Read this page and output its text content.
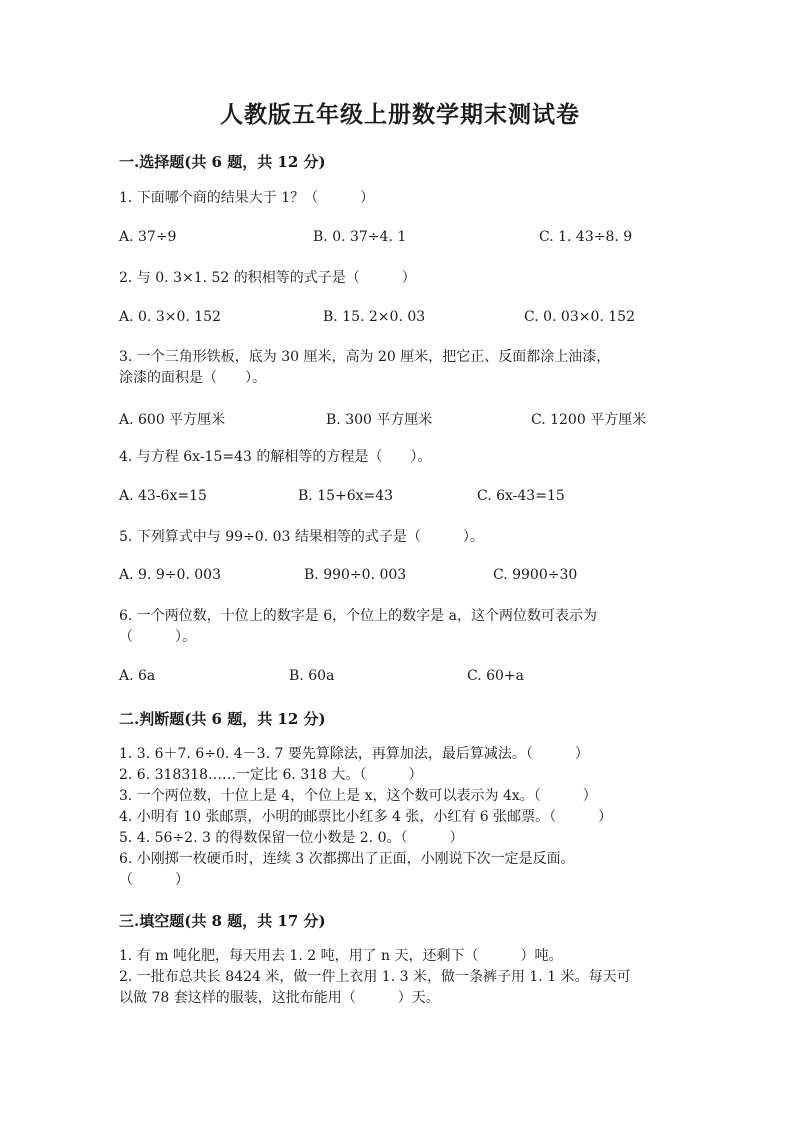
人教版五年级上册数学期末测试卷
一.选择题(共 6 题，共 12 分)
1. 下面哪个商的结果大于 1？（　　　）
A. 37÷9	B. 0. 37÷4. 1	C. 1. 43÷8. 9
2. 与 0. 3×1. 52 的积相等的式子是（　　　）
A. 0. 3×0. 152	B. 15. 2×0. 03	C. 0. 03×0. 152
3. 一个三角形铁板，底为 30 厘米，高为 20 厘米，把它正、反面都涂上油漆，
涂漆的面积是（　　）。
A. 600 平方厘米	B. 300 平方厘米	C. 1200 平方厘米
4. 与方程 6x-15=43 的解相等的方程是（　　）。
A. 43-6x=15	B. 15+6x=43	C. 6x-43=15
5. 下列算式中与 99÷0. 03 结果相等的式子是（　　　）。
A. 9. 9÷0. 003	B. 990÷0. 003	C. 9900÷30
6. 一个两位数，十位上的数字是 6，个位上的数字是 a，这个两位数可表示为
（　　　）。
A. 6a	B. 60a	C. 60+a
二.判断题(共 6 题，共 12 分)
1. 3. 6＋7. 6÷0. 4－3. 7 要先算除法，再算加法，最后算减法。（　　　）
2. 6. 318318……一定比 6. 318 大。（　　　）
3. 一个两位数，十位上是 4，个位上是 x，这个数可以表示为 4x。（　　　）
4. 小明有 10 张邮票，小明的邮票比小红多 4 张，小红有 6 张邮票。（　　　）
5. 4. 56÷2. 3 的得数保留一位小数是 2. 0。（　　　）
6. 小刚掷一枚硬币时，连续 3 次都掷出了正面，小刚说下次一定是反面。
（　　　）
三.填空题(共 8 题，共 17 分)
1. 有 m 吨化肥，每天用去 1. 2 吨，用了 n 天，还剩下（　　　）吨。
2. 一批布总共长 8424 米，做一件上衣用 1. 3 米，做一条裤子用 1. 1 米。每天可
以做 78 套这样的服装，这批布能用（　　　）天。
